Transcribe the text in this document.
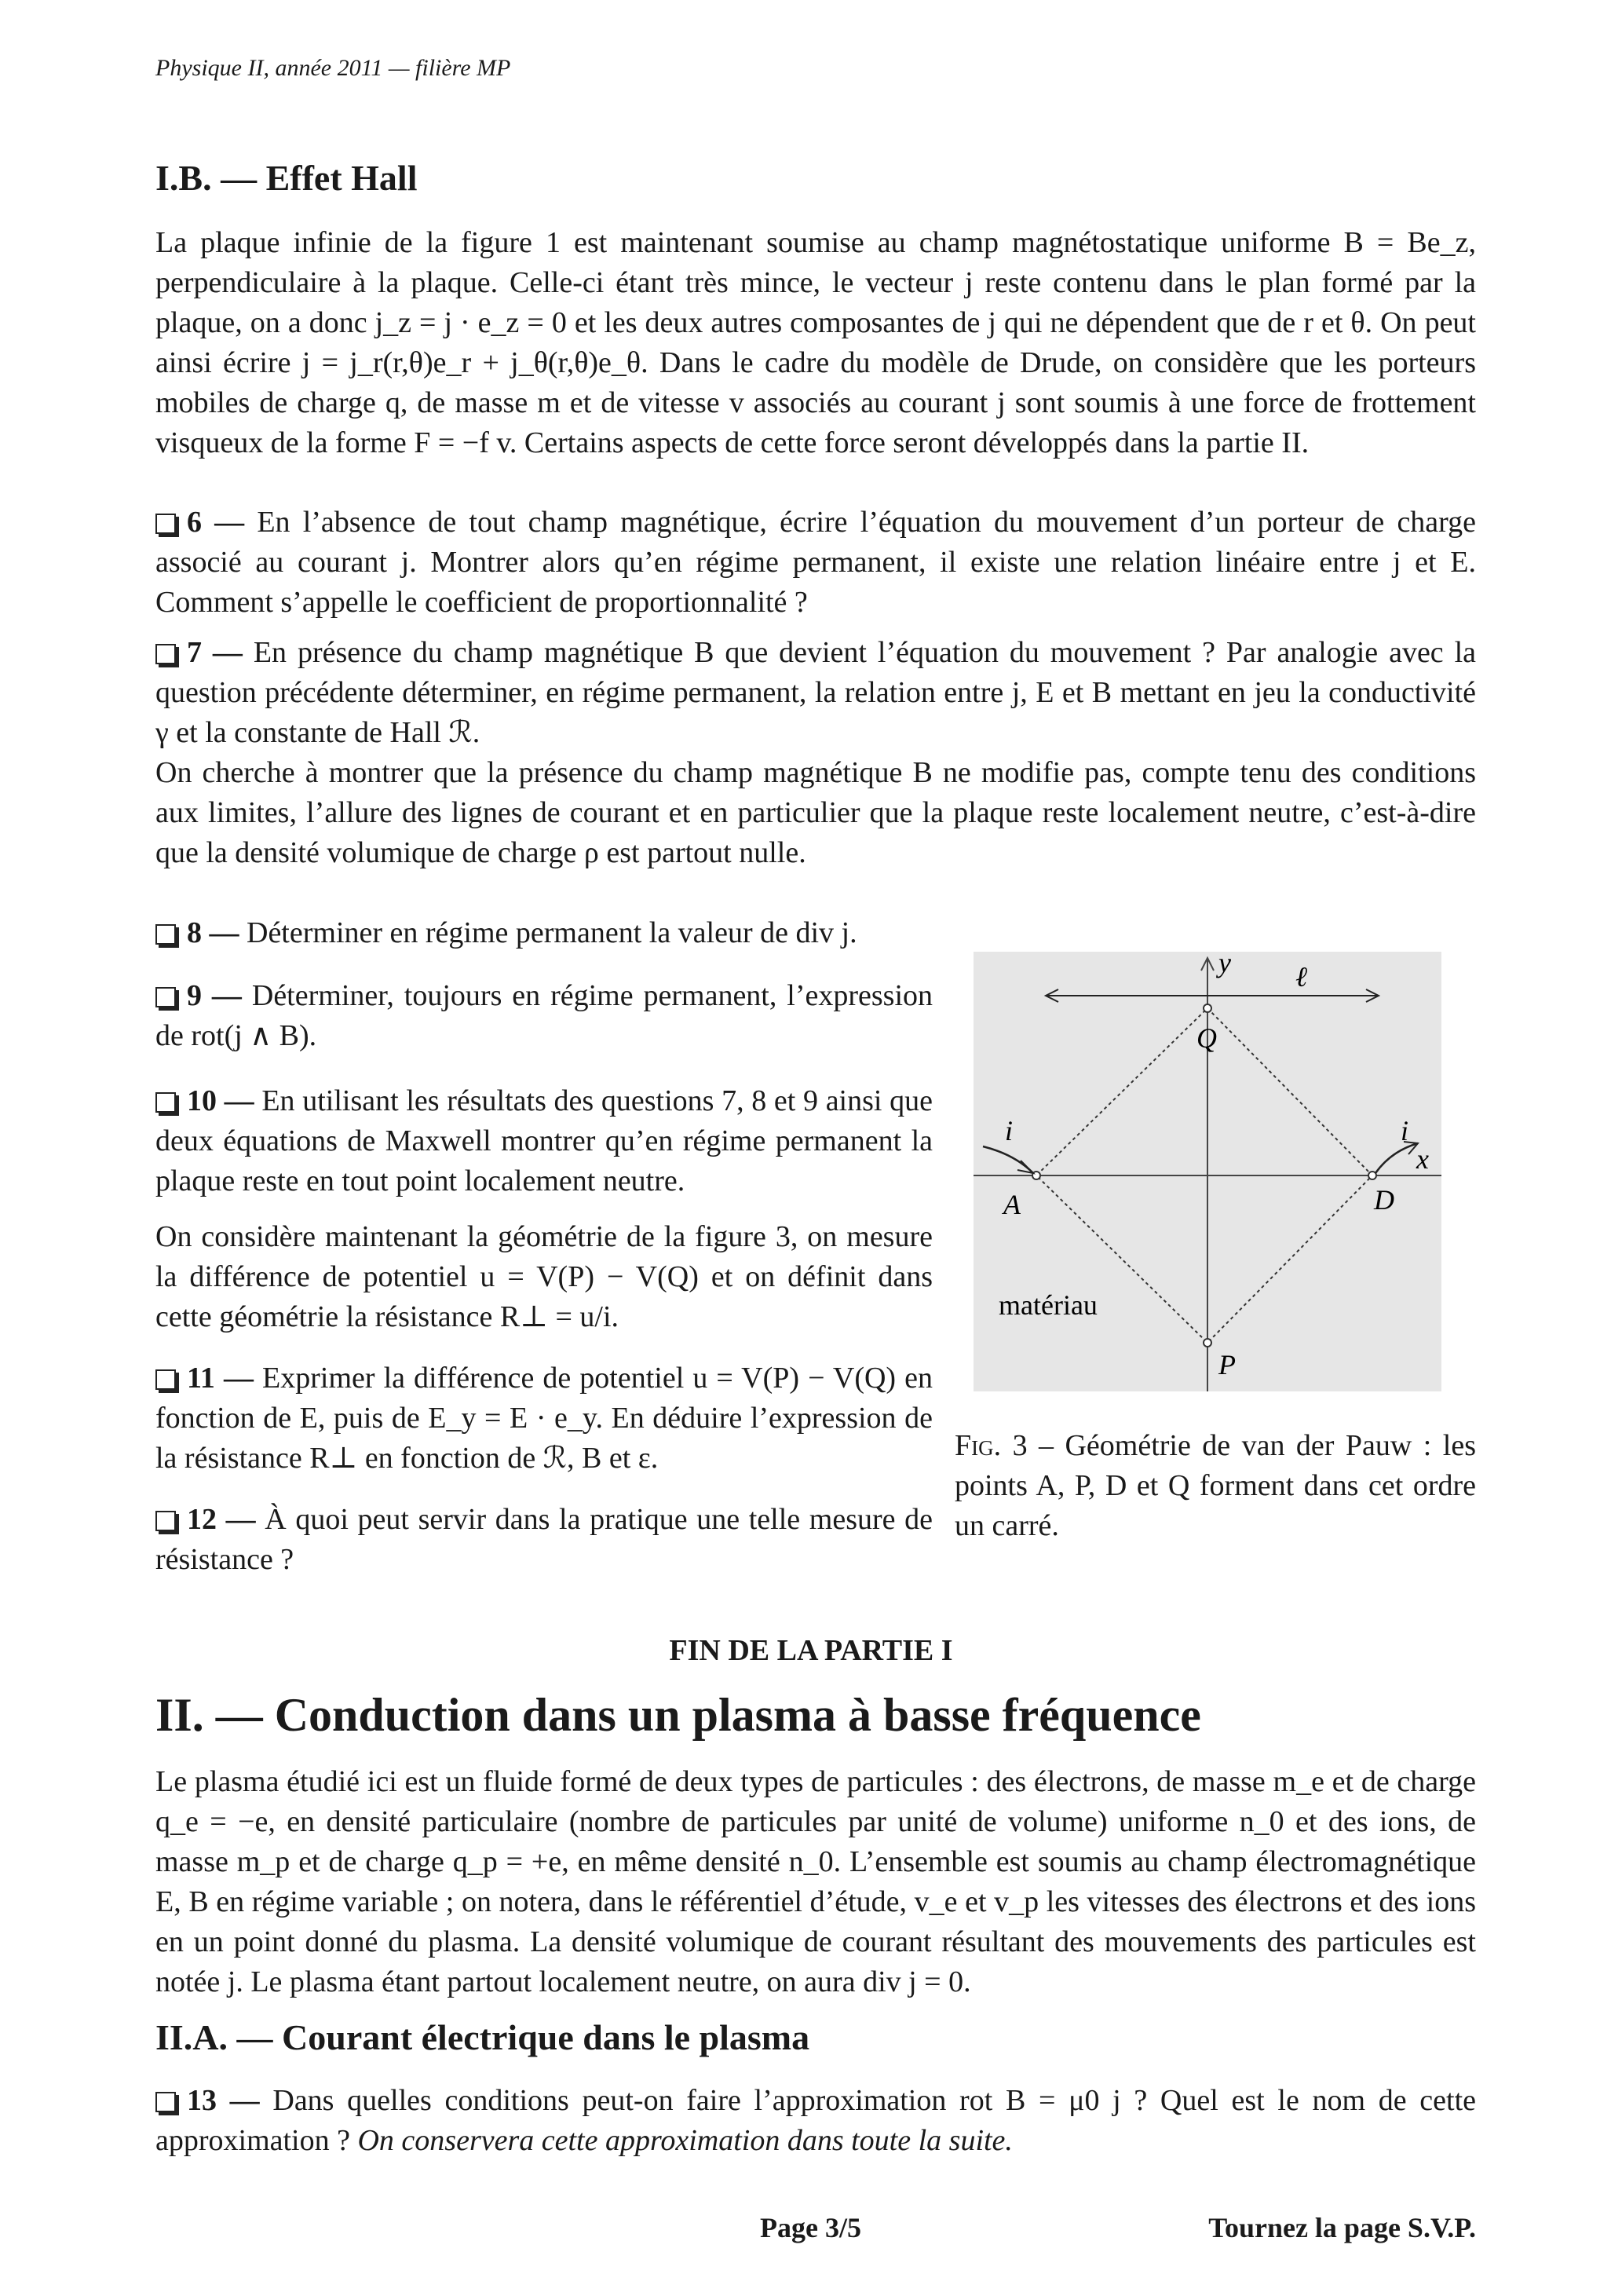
Physique II, année 2011 — filière MP
I.B. — Effet Hall

La plaque infinie de la figure 1 est maintenant soumise au champ magnétostatique uniforme B = Be_z, perpendiculaire à la plaque. Celle-ci étant très mince, le vecteur j reste contenu dans le plan formé par la plaque, on a donc j_z = j · e_z = 0 et les deux autres composantes de j qui ne dépendent que de r et θ. On peut ainsi écrire j = j_r(r,θ)e_r + j_θ(r,θ)e_θ. Dans le cadre du modèle de Drude, on considère que les porteurs mobiles de charge q, de masse m et de vitesse v associés au courant j sont soumis à une force de frottement visqueux de la forme F = −f v. Certains aspects de cette force seront développés dans la partie II.

6 — En l’absence de tout champ magnétique, écrire l’équation du mouvement d’un porteur de charge associé au courant j. Montrer alors qu’en régime permanent, il existe une relation linéaire entre j et E. Comment s’appelle le coefficient de proportionnalité ?

7 — En présence du champ magnétique B que devient l’équation du mouvement ? Par analogie avec la question précédente déterminer, en régime permanent, la relation entre j, E et B mettant en jeu la conductivité γ et la constante de Hall ℛ.

On cherche à montrer que la présence du champ magnétique B ne modifie pas, compte tenu des conditions aux limites, l’allure des lignes de courant et en particulier que la plaque reste localement neutre, c’est-à-dire que la densité volumique de charge ρ est partout nulle.

8 — Déterminer en régime permanent la valeur de div j.

9 — Déterminer, toujours en régime permanent, l’expression de rot(j ∧ B).

10 — En utilisant les résultats des questions 7, 8 et 9 ainsi que deux équations de Maxwell montrer qu’en régime permanent la plaque reste en tout point localement neutre.

On considère maintenant la géométrie de la figure 3, on mesure la différence de potentiel u = V(P) − V(Q) et on définit dans cette géométrie la résistance R⊥ = u/i.

11 — Exprimer la différence de potentiel u = V(P) − V(Q) en fonction de E, puis de E_y = E · e_y. En déduire l’expression de la résistance R⊥ en fonction de ℛ, B et ε.

12 — À quoi peut servir dans la pratique une telle mesure de résistance ?

y ℓ
Q
i	i
x
A	D
P
matériau

Fig. 3 – Géométrie de van der Pauw : les points A, P, D et Q forment dans cet ordre un carré.

FIN DE LA PARTIE I
II. — Conduction dans un plasma à basse fréquence

Le plasma étudié ici est un fluide formé de deux types de particules : des électrons, de masse m_e et de charge q_e = −e, en densité particulaire (nombre de particules par unité de volume) uniforme n_0 et des ions, de masse m_p et de charge q_p = +e, en même densité n_0. L’ensemble est soumis au champ électromagnétique E, B en régime variable ; on notera, dans le référentiel d’étude, v_e et v_p les vitesses des électrons et des ions en un point donné du plasma. La densité volumique de courant résultant des mouvements des particules est notée j. Le plasma étant partout localement neutre, on aura div j = 0.

II.A. — Courant électrique dans le plasma

13 — Dans quelles conditions peut-on faire l’approximation rot B = μ0 j ? Quel est le nom de cette approximation ? On conservera cette approximation dans toute la suite.

Page 3/5	Tournez la page S.V.P.
